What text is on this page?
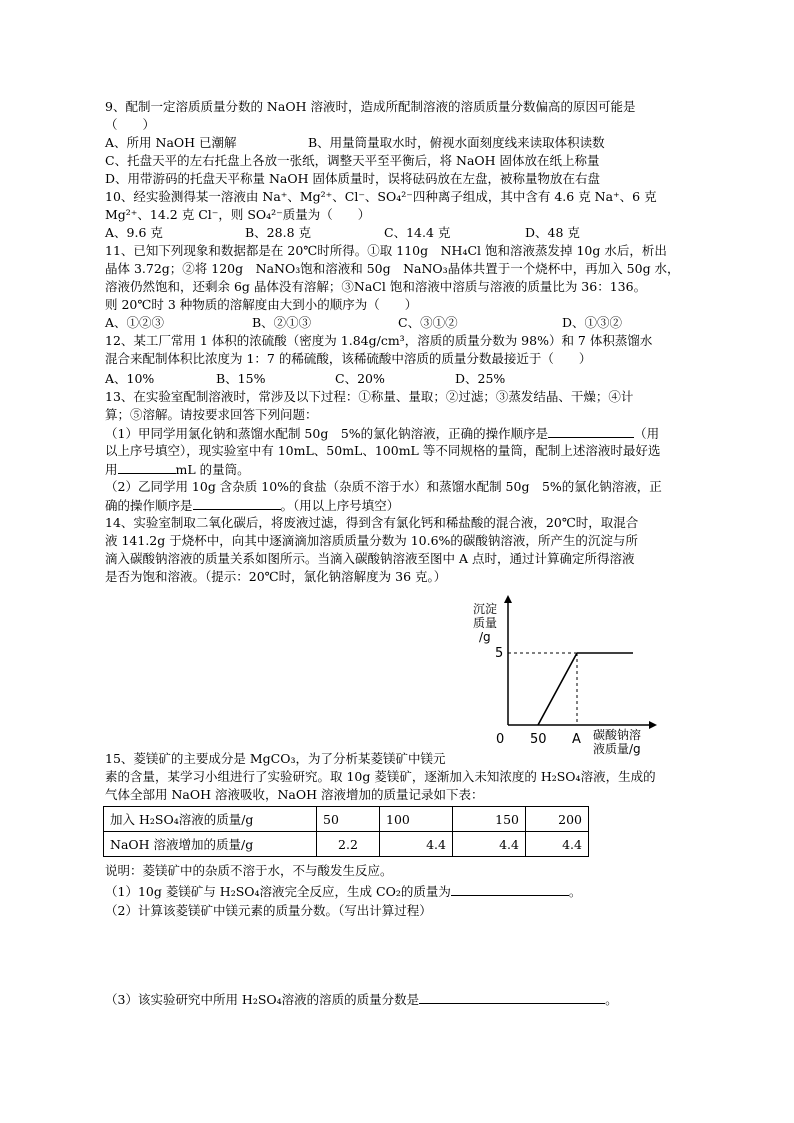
9、配制一定溶质质量分数的 NaOH 溶液时，造成所配制溶液的溶质质量分数偏高的原因可能是
（　　）
A、所用 NaOH 已潮解	B、用量筒量取水时，俯视水面刻度线来读取体积读数
C、托盘天平的左右托盘上各放一张纸，调整天平至平衡后，将 NaOH 固体放在纸上称量
D、用带游码的托盘天平称量 NaOH 固体质量时，误将砝码放在左盘，被称量物放在右盘
10、经实验测得某一溶液由 Na⁺、Mg²⁺、Cl⁻、SO₄²⁻四种离子组成，其中含有 4.6 克 Na⁺、6 克
Mg²⁺、14.2 克 Cl⁻，则 SO₄²⁻质量为（　　）
A、9.6 克	B、28.8 克	C、14.4 克	D、48 克
11、已知下列现象和数据都是在 20℃时所得。①取 110g　NH₄Cl 饱和溶液蒸发掉 10g 水后，析出
晶体 3.72g；②将 120g　NaNO₃饱和溶液和 50g　NaNO₃晶体共置于一个烧杯中，再加入 50g 水，
溶液仍然饱和，还剩余 6g 晶体没有溶解；③NaCl 饱和溶液中溶质与溶液的质量比为 36：136。
则 20℃时 3 种物质的溶解度由大到小的顺序为（　　）
A、①②③	B、②①③	C、③①②	D、①③②
12、某工厂常用 1 体积的浓硫酸（密度为 1.84g/cm³，溶质的质量分数为 98%）和 7 体积蒸馏水
混合来配制体积比浓度为 1：7 的稀硫酸，该稀硫酸中溶质的质量分数最接近于（　　）
A、10%	B、15%	C、20%	D、25%
13、在实验室配制溶液时，常涉及以下过程：①称量、量取；②过滤；③蒸发结晶、干燥；④计
算；⑤溶解。请按要求回答下列问题：
（1）甲同学用氯化钠和蒸馏水配制 50g　5%的氯化钠溶液，正确的操作顺序是	（用
以上序号填空），现实验室中有 10mL、50mL、100mL 等不同规格的量筒，配制上述溶液时最好选
用	mL 的量筒。
（2）乙同学用 10g 含杂质 10%的食盐（杂质不溶于水）和蒸馏水配制 50g　5%的氯化钠溶液，正
确的操作顺序是	。（用以上序号填空）
14、实验室制取二氧化碳后，将废液过滤，得到含有氯化钙和稀盐酸的混合液，20℃时，取混合
液 141.2g 于烧杯中，向其中逐滴滴加溶质质量分数为 10.6%的碳酸钠溶液，所产生的沉淀与所
滴入碳酸钠溶液的质量关系如图所示。当滴入碳酸钠溶液至图中 A 点时，通过计算确定所得溶液
是否为饱和溶液。（提示：20℃时，氯化钠溶解度为 36 克。）
沉淀
质量
/g
5
0 50 A 碳酸钠溶
液质量/g
15、菱镁矿的主要成分是 MgCO₃，为了分析某菱镁矿中镁元
素的含量，某学习小组进行了实验研究。取 10g 菱镁矿，逐渐加入未知浓度的 H₂SO₄溶液，生成的
气体全部用 NaOH 溶液吸收，NaOH 溶液增加的质量记录如下表：
加入 H₂SO₄溶液的质量/g	50	100	150	200
NaOH 溶液增加的质量/g	2.2	4.4	4.4	4.4
说明：菱镁矿中的杂质不溶于水，不与酸发生反应。
（1）10g 菱镁矿与 H₂SO₄溶液完全反应，生成 CO₂的质量为	。
（2）计算该菱镁矿中镁元素的质量分数。（写出计算过程）
（3）该实验研究中所用 H₂SO₄溶液的溶质的质量分数是	。
